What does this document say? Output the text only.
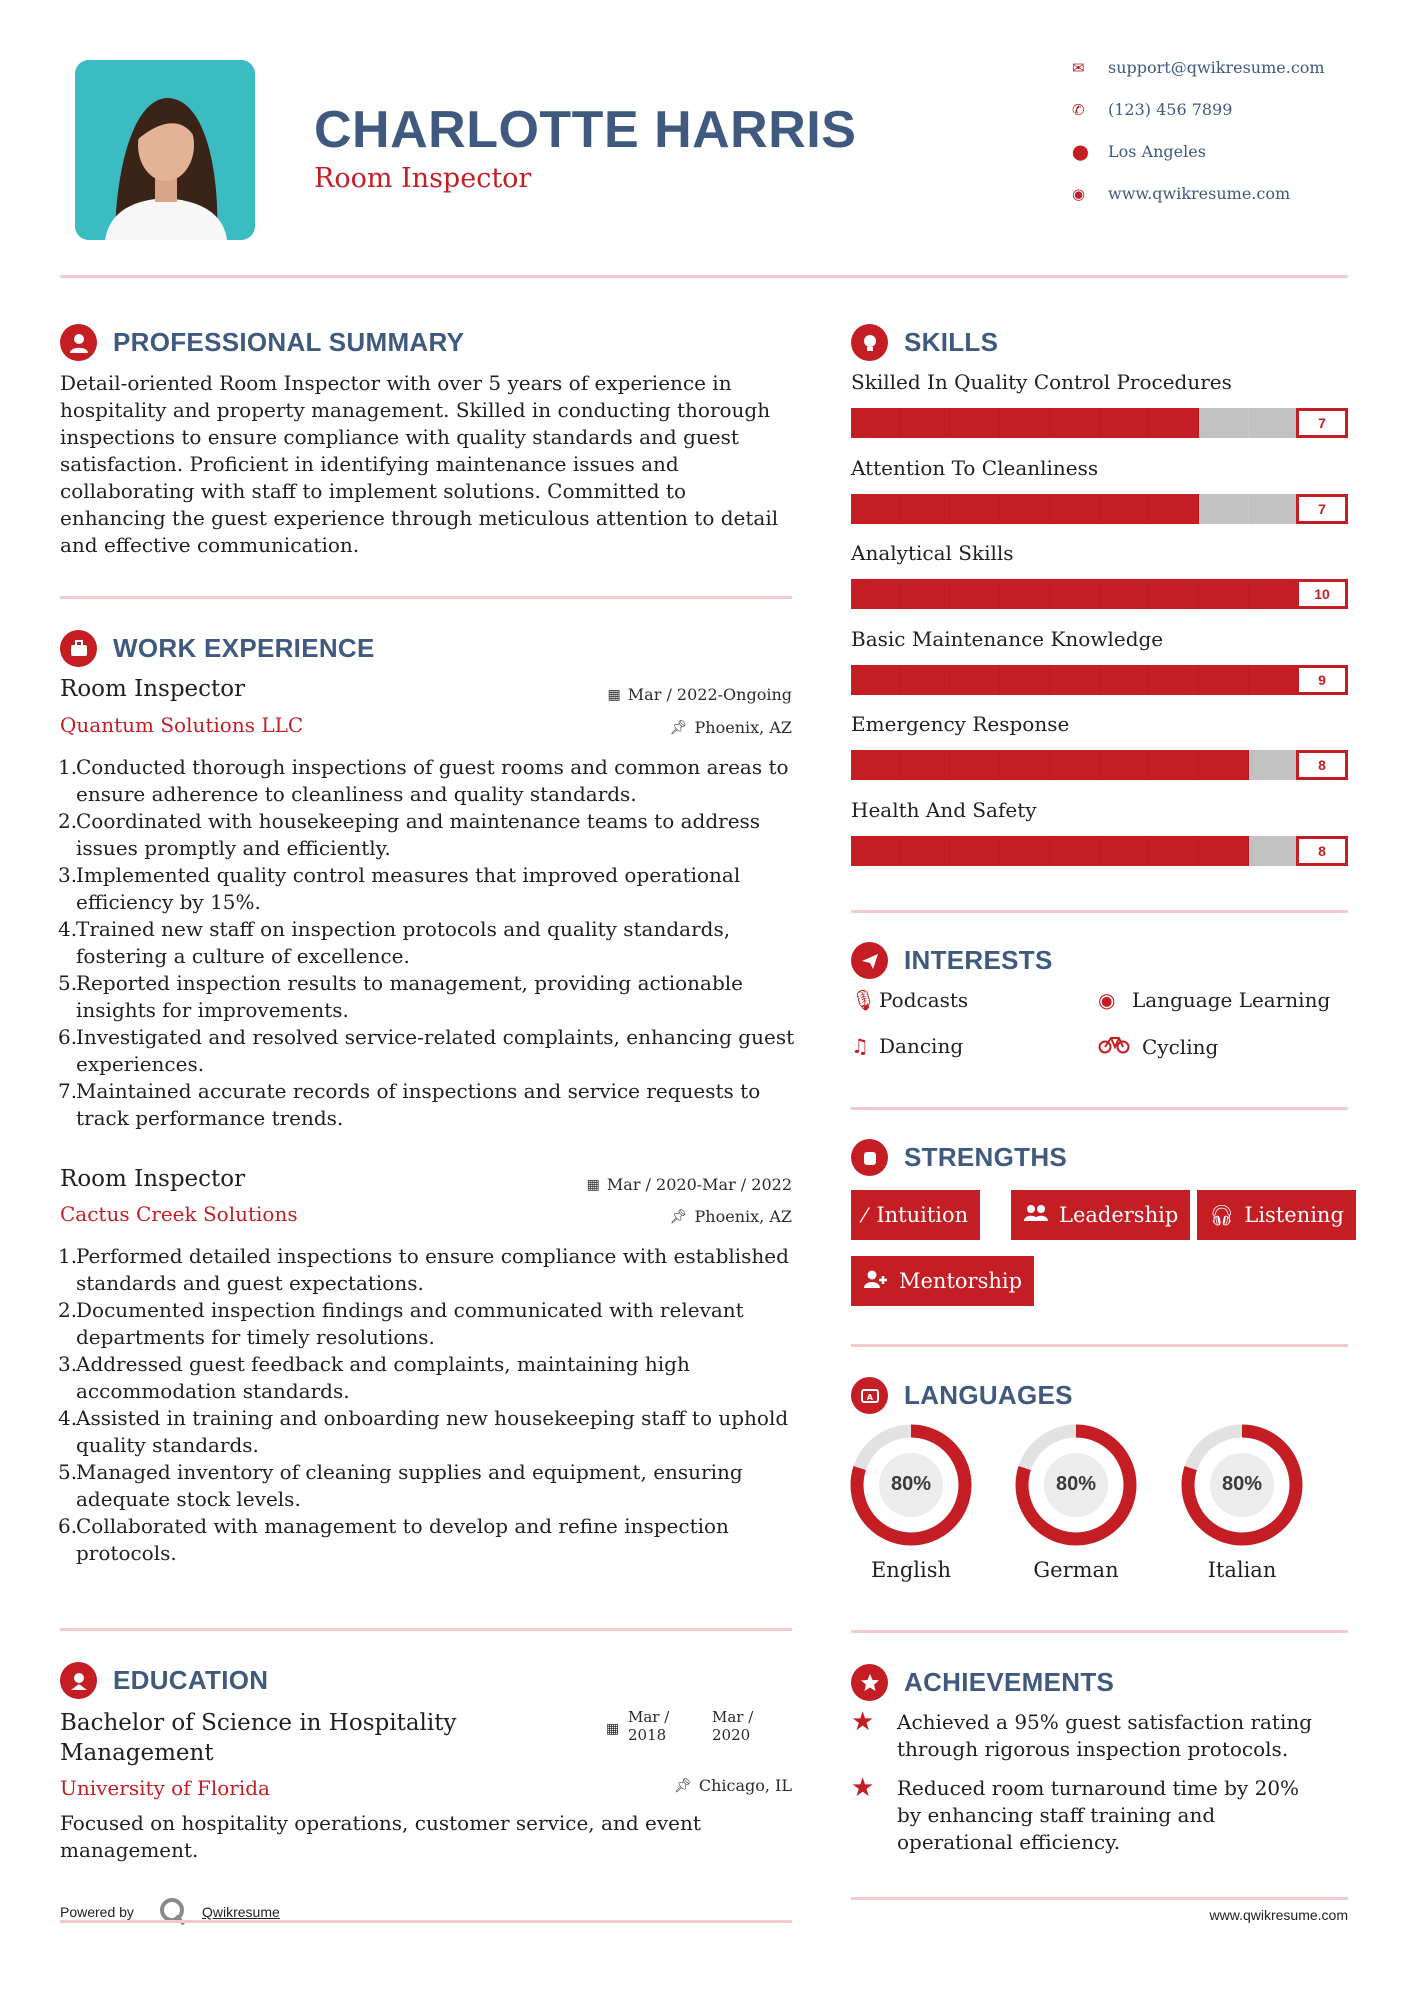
CHARLOTTE HARRIS
Room Inspector
✉	support@qwikresume.com
✆	(123) 456 7899
⬤	Los Angeles
◉	www.qwikresume.com
PROFESSIONAL SUMMARY
Detail-oriented Room Inspector with over 5 years of experience in hospitality and property management. Skilled in conducting thorough inspections to ensure compliance with quality standards and guest satisfaction. Proficient in identifying maintenance issues and collaborating with staff to implement solutions. Committed to enhancing the guest experience through meticulous attention to detail and effective communication.
WORK EXPERIENCE
Room Inspector	▦ Mar / 2022-Ongoing
Quantum Solutions LLC	📌︎ Phoenix, AZ
1.
Conducted thorough inspections of guest rooms and common areas to ensure adherence to cleanliness and quality standards.
2.
Coordinated with housekeeping and maintenance teams to address issues promptly and efficiently.
3.
Implemented quality control measures that improved operational efficiency by 15%.
4.
Trained new staff on inspection protocols and quality standards, fostering a culture of excellence.
5.
Reported inspection results to management, providing actionable insights for improvements.
6.
Investigated and resolved service-related complaints, enhancing guest experiences.
7.
Maintained accurate records of inspections and service requests to track performance trends.
Room Inspector	▦ Mar / 2020-Mar / 2022
Cactus Creek Solutions	📌︎ Phoenix, AZ
1.
Performed detailed inspections to ensure compliance with established standards and guest expectations.
2.
Documented inspection findings and communicated with relevant departments for timely resolutions.
3.
Addressed guest feedback and complaints, maintaining high accommodation standards.
4.
Assisted in training and onboarding new housekeeping staff to uphold quality standards.
5.
Managed inventory of cleaning supplies and equipment, ensuring adequate stock levels.
6.
Collaborated with management to develop and refine inspection protocols.
EDUCATION
Bachelor of Science in Hospitality Management
▦
Mar / 2018
Mar / 2020
University of Florida	📌︎ Chicago, IL
Focused on hospitality operations, customer service, and event management.
Powered by	Qwikresume
SKILLS
Skilled In Quality Control Procedures
7
Attention To Cleanliness
7
Analytical Skills
10
Basic Maintenance Knowledge
9
Emergency Response
8
Health And Safety
8
INTERESTS
🎙︎ Podcasts	◉ Language Learning
♫ Dancing	Cycling
STRENGTHS
⁄ Intuition	Leadership 🎧︎ Listening
Mentorship
A LANGUAGES
80%
English
80%
German
80%
Italian
ACHIEVEMENTS
★	Achieved a 95% guest satisfaction rating through rigorous inspection protocols.
★	Reduced room turnaround time by 20% by enhancing staff training and operational efficiency.
www.qwikresume.com
